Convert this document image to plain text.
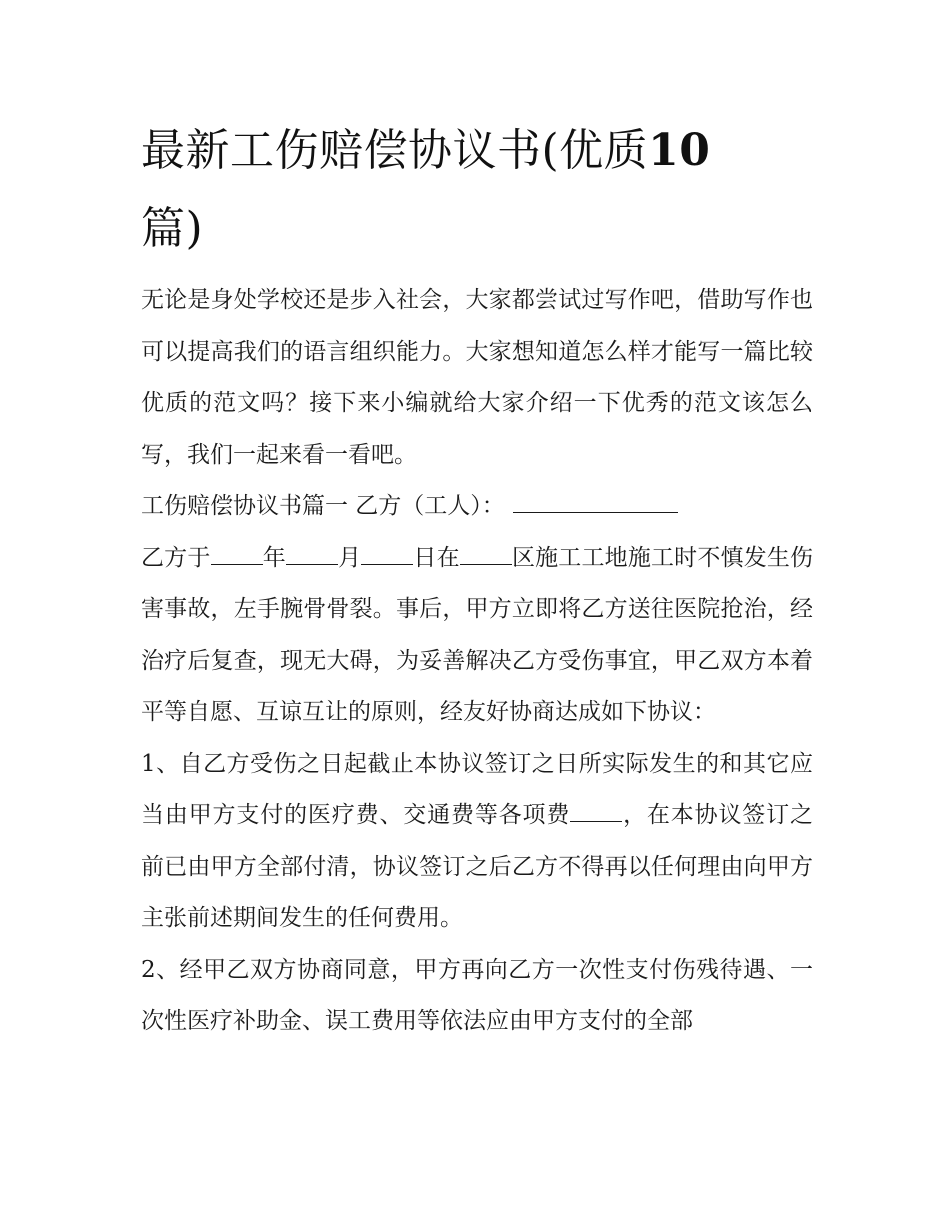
最新工伤赔偿协议书(优质10
篇)

无论是身处学校还是步入社会，大家都尝试过写作吧，借助写作也可以提高我们的语言组织能力。大家想知道怎么样才能写一篇比较优质的范文吗？接下来小编就给大家介绍一下优秀的范文该怎么写，我们一起来看一看吧。

工伤赔偿协议书篇一 乙方（工人）：

乙方于 年 月 日在 区施工工地施工时不慎发生伤害事故，左手腕骨骨裂。事后，甲方立即将乙方送往医院抢治，经治疗后复查，现无大碍，为妥善解决乙方受伤事宜，甲乙双方本着平等自愿、互谅互让的原则，经友好协商达成如下协议：

1、自乙方受伤之日起截止本协议签订之日所实际发生的和其它应当由甲方支付的医疗费、交通费等各项费 ，在本协议签订之前已由甲方全部付清，协议签订之后乙方不得再以任何理由向甲方主张前述期间发生的任何费用。

2、经甲乙双方协商同意，甲方再向乙方一次性支付伤残待遇、一次性医疗补助金、误工费用等依法应由甲方支付的全部
